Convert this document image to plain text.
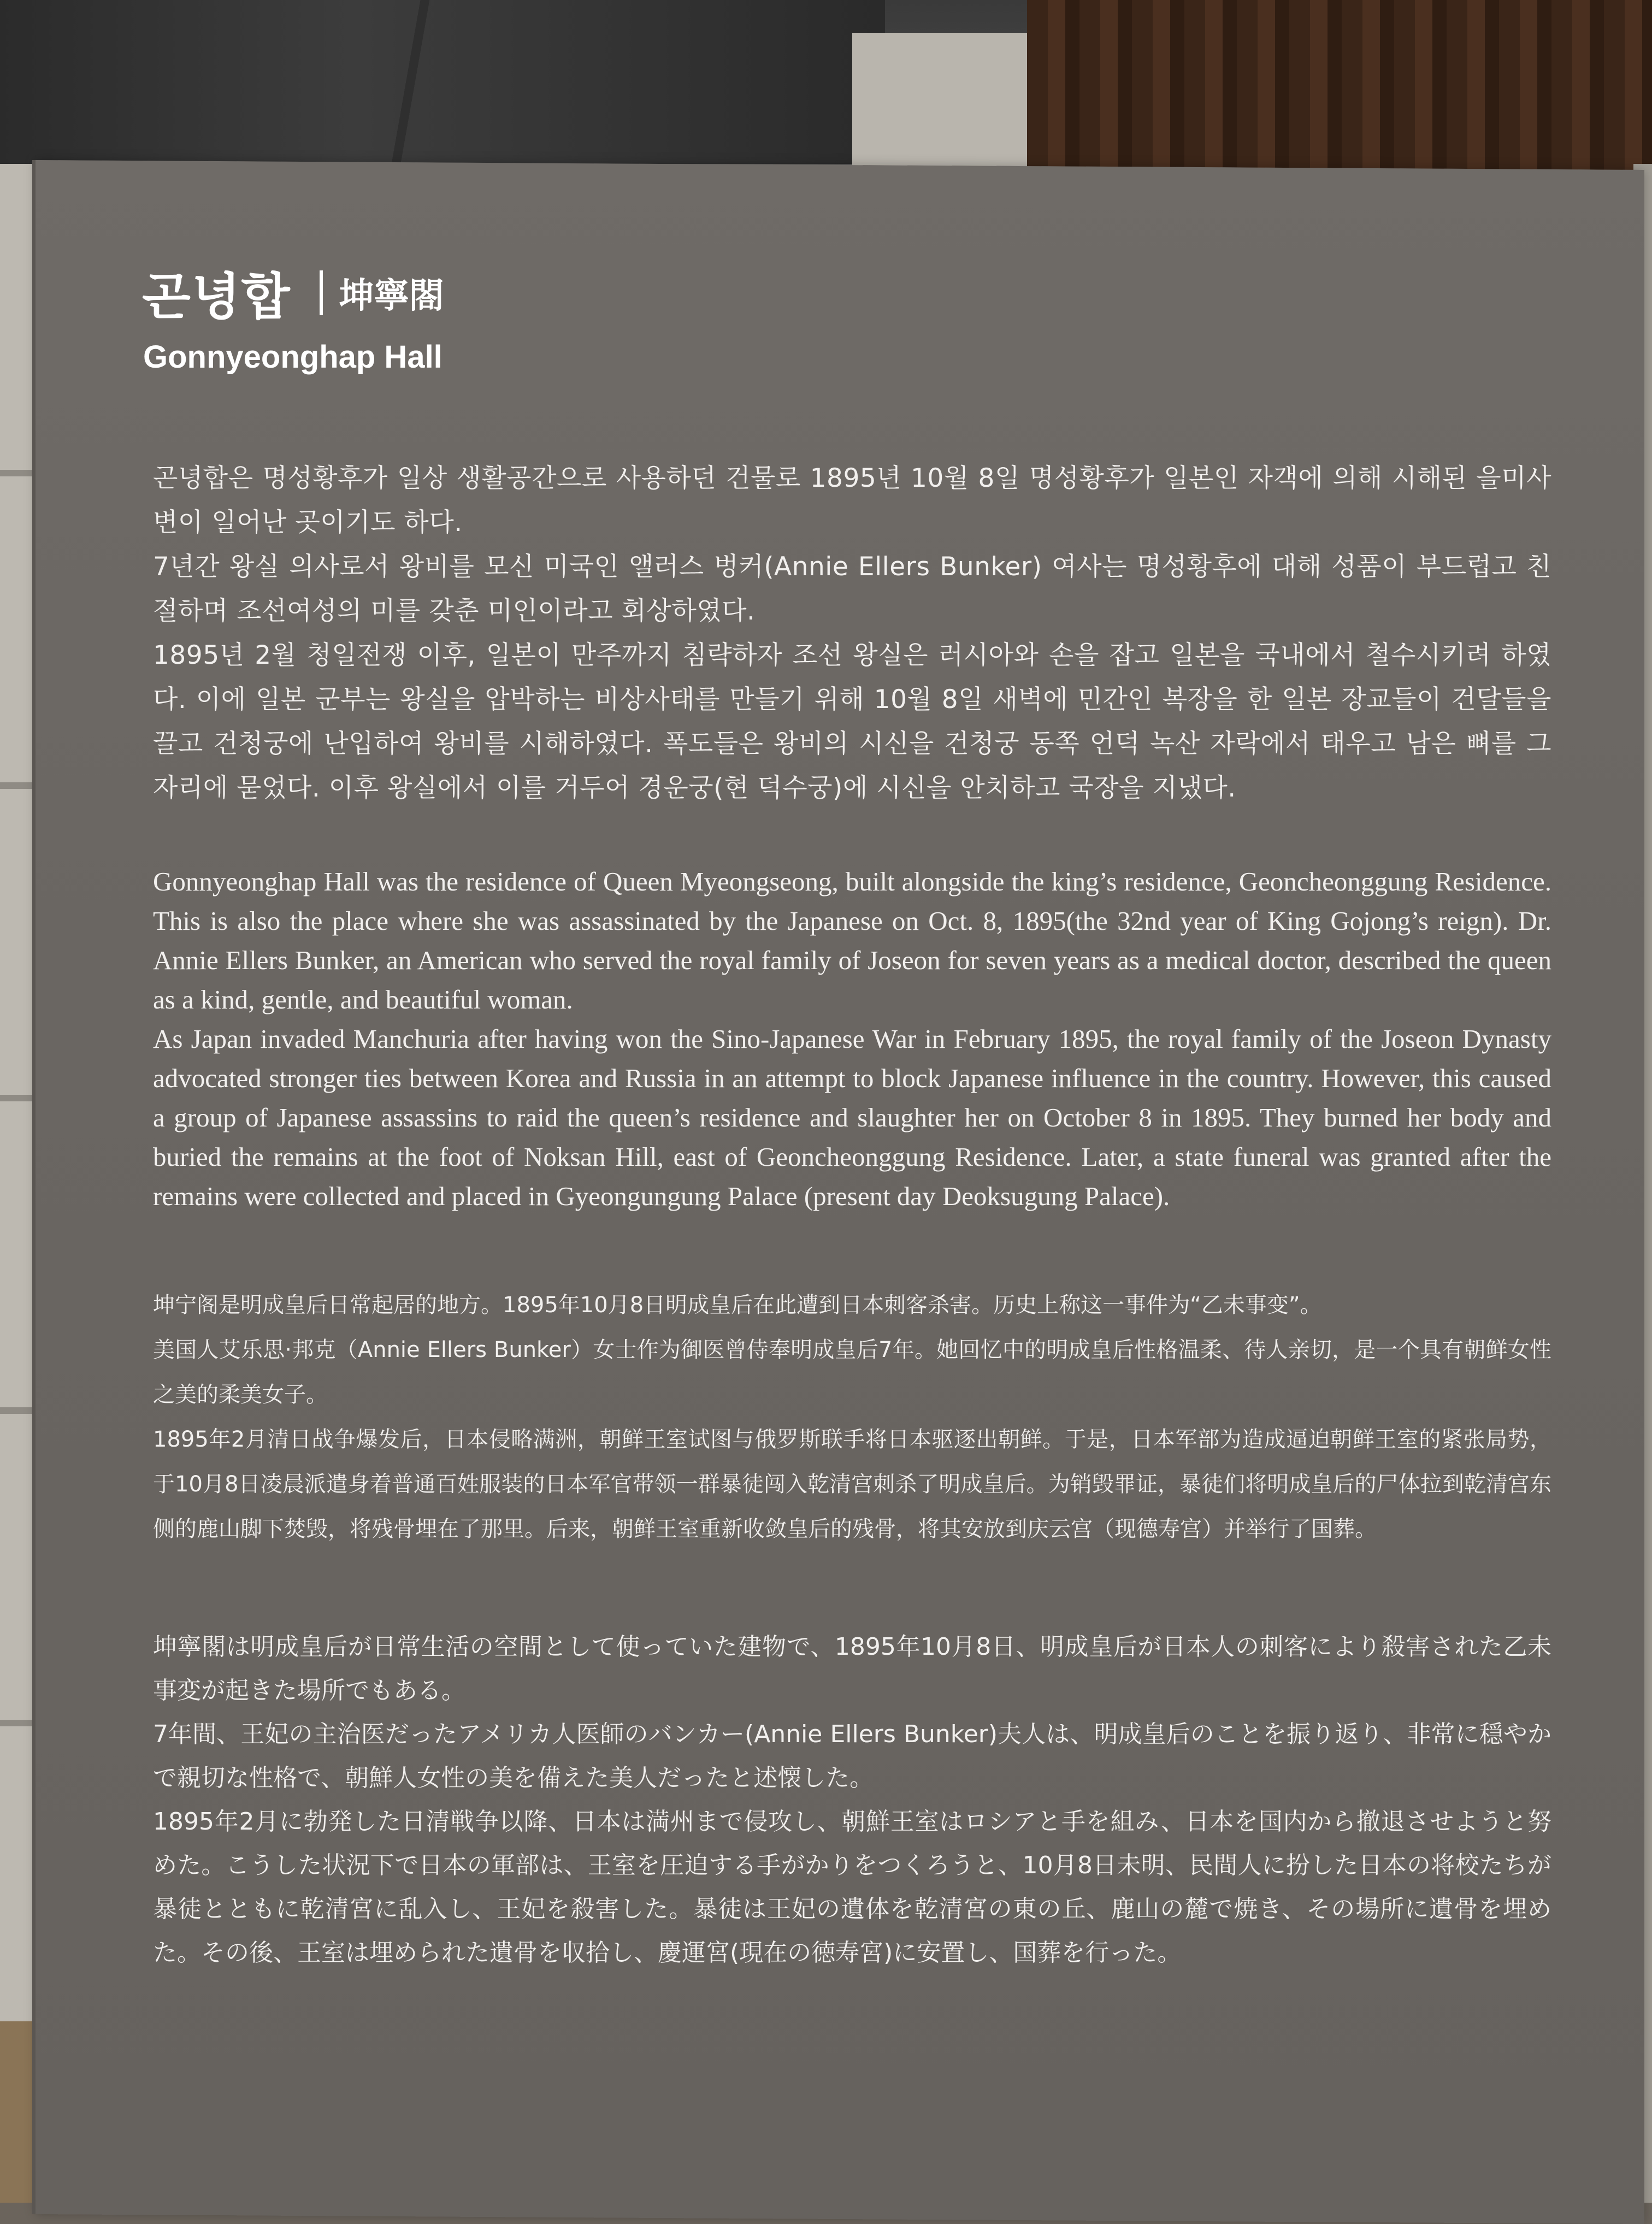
곤녕합 坤寧閤
Gonnyeonghap Hall

곤녕합은 명성황후가 일상 생활공간으로 사용하던 건물로 1895년 10월 8일 명성황후가 일본인 자객에 의해 시해된 을미사변이 일어난 곳이기도 하다.

7년간 왕실 의사로서 왕비를 모신 미국인 앨러스 벙커(Annie Ellers Bunker) 여사는 명성황후에 대해 성품이 부드럽고 친절하며 조선여성의 미를 갖춘 미인이라고 회상하였다.

1895년 2월 청일전쟁 이후, 일본이 만주까지 침략하자 조선 왕실은 러시아와 손을 잡고 일본을 국내에서 철수시키려 하였다. 이에 일본 군부는 왕실을 압박하는 비상사태를 만들기 위해 10월 8일 새벽에 민간인 복장을 한 일본 장교들이 건달들을 끌고 건청궁에 난입하여 왕비를 시해하였다. 폭도들은 왕비의 시신을 건청궁 동쪽 언덕 녹산 자락에서 태우고 남은 뼈를 그 자리에 묻었다. 이후 왕실에서 이를 거두어 경운궁(현 덕수궁)에 시신을 안치하고 국장을 지냈다.

Gonnyeonghap Hall was the residence of Queen Myeongseong, built alongside the king’s residence, Geoncheonggung Residence. This is also the place where she was assassinated by the Japanese on Oct. 8, 1895(the 32nd year of King Gojong’s reign). Dr. Annie Ellers Bunker, an American who served the royal family of Joseon for seven years as a medical doctor, described the queen as a kind, gentle, and beautiful woman.

As Japan invaded Manchuria after having won the Sino-Japanese War in February 1895, the royal family of the Joseon Dynasty advocated stronger ties between Korea and Russia in an attempt to block Japanese influence in the country. However, this caused a group of Japanese assassins to raid the queen’s residence and slaughter her on October 8 in 1895. They burned her body and buried the remains at the foot of Noksan Hill, east of Geoncheonggung Residence. Later, a state funeral was granted after the remains were collected and placed in Gyeongungung Palace (present day Deoksugung Palace).

坤宁阁是明成皇后日常起居的地方。1895年10月8日明成皇后在此遭到日本刺客杀害。历史上称这一事件为“乙未事变”。

美国人艾乐思·邦克（Annie Ellers Bunker）女士作为御医曾侍奉明成皇后7年。她回忆中的明成皇后性格温柔、待人亲切，是一个具有朝鲜女性之美的柔美女子。

1895年2月清日战争爆发后，日本侵略满洲，朝鲜王室试图与俄罗斯联手将日本驱逐出朝鲜。于是，日本军部为造成逼迫朝鲜王室的紧张局势，于10月8日凌晨派遣身着普通百姓服装的日本军官带领一群暴徒闯入乾清宫刺杀了明成皇后。为销毁罪证，暴徒们将明成皇后的尸体拉到乾清宫东侧的鹿山脚下焚毁，将残骨埋在了那里。后来，朝鲜王室重新收敛皇后的残骨，将其安放到庆云宫（现德寿宫）并举行了国葬。

坤寧閣は明成皇后が日常生活の空間として使っていた建物で、1895年10月8日、明成皇后が日本人の刺客により殺害された乙未事変が起きた場所でもある。

7年間、王妃の主治医だったアメリカ人医師のバンカー(Annie Ellers Bunker)夫人は、明成皇后のことを振り返り、非常に穏やかで親切な性格で、朝鮮人女性の美を備えた美人だったと述懐した。

1895年2月に勃発した日清戦争以降、日本は満州まで侵攻し、朝鮮王室はロシアと手を組み、日本を国内から撤退させようと努めた。こうした状況下で日本の軍部は、王室を圧迫する手がかりをつくろうと、10月8日未明、民間人に扮した日本の将校たちが暴徒とともに乾清宮に乱入し、王妃を殺害した。暴徒は王妃の遺体を乾清宮の東の丘、鹿山の麓で焼き、その場所に遺骨を埋めた。その後、王室は埋められた遺骨を収拾し、慶運宮(現在の徳寿宮)に安置し、国葬を行った。
